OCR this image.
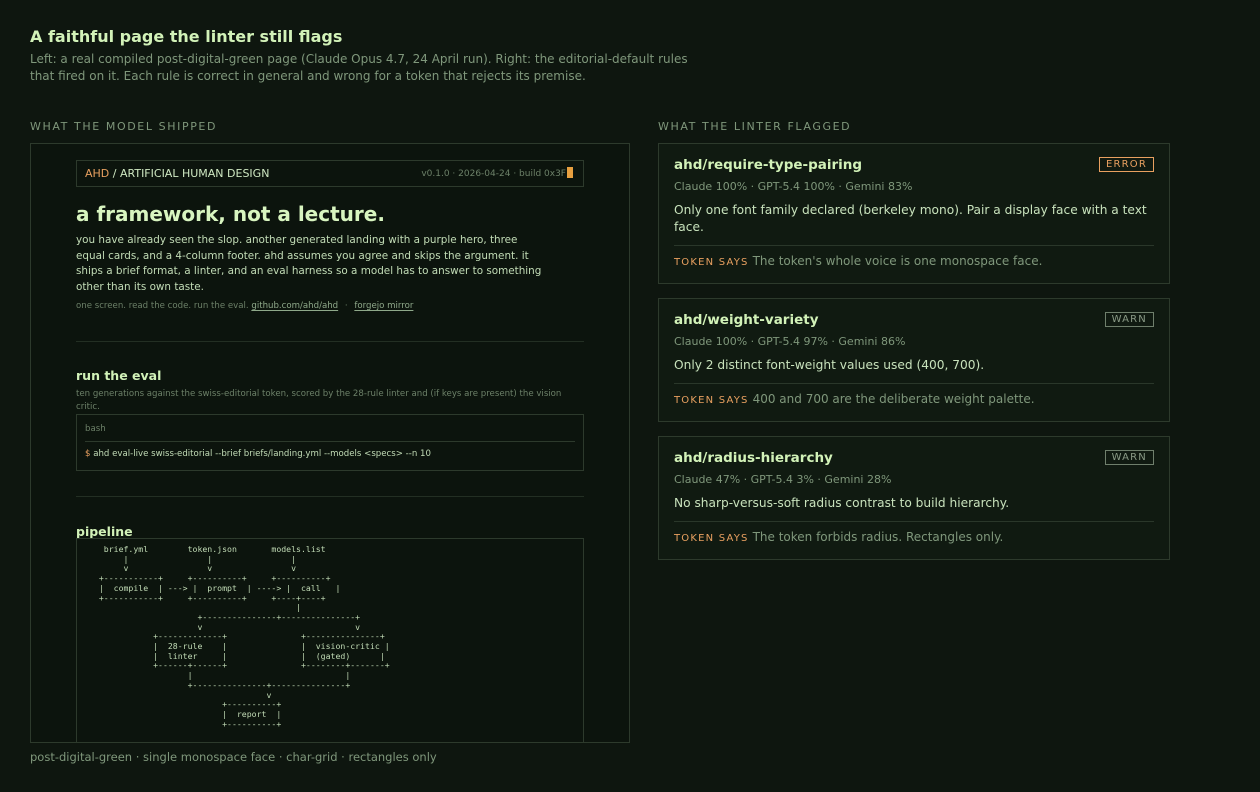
A faithful page the linter still flags
Left: a real compiled post-digital-green page (Claude Opus 4.7, 24 April run). Right: the editorial-default rules that fired on it. Each rule is correct in general and wrong for a token that rejects its premise.
WHAT THE MODEL SHIPPED	WHAT THE LINTER FLAGGED
AHD / ARTIFICIAL HUMAN DESIGN	v0.1.0 · 2026-04-24 · build 0x3F
a framework, not a lecture.
you have already seen the slop. another generated landing with a purple hero, three equal cards, and a 4-column footer. ahd assumes you agree and skips the argument. it ships a brief format, a linter, and an eval harness so a model has to answer to something other than its own taste.
one screen. read the code. run the eval. github.com/ahd/ahd · forgejo mirror
run the eval
ten generations against the swiss-editorial token, scored by the 28-rule linter and (if keys are present) the vision critic.
bash
$ ahd eval-live swiss-editorial --brief briefs/landing.yml --models <specs> --n 10
pipeline
brief.yml        token.json       models.list
|                |                |
v                v                v
+-----------+     +----------+     +----------+
|  compile  | ---> |  prompt  | ----> |  call   |
+-----------+     +----------+     +----+----+
|
+---------------+---------------+
v                               v
+-------------+               +---------------+
|  28-rule    |               |  vision-critic |
|  linter     |               |  (gated)      |
+------+------+               +--------+-------+
|                               |
+---------------+---------------+
v
+----------+
|  report  |
+----------+
post-digital-green · single monospace face · char-grid · rectangles only
ahd/require-type-pairing	ERROR
Claude 100% · GPT-5.4 100% · Gemini 83%
Only one font family declared (berkeley mono). Pair a display face with a text face.
TOKEN SAYS The token's whole voice is one monospace face.
ahd/weight-variety	WARN
Claude 100% · GPT-5.4 97% · Gemini 86%
Only 2 distinct font-weight values used (400, 700).
TOKEN SAYS 400 and 700 are the deliberate weight palette.
ahd/radius-hierarchy	WARN
Claude 47% · GPT-5.4 3% · Gemini 28%
No sharp-versus-soft radius contrast to build hierarchy.
TOKEN SAYS The token forbids radius. Rectangles only.
